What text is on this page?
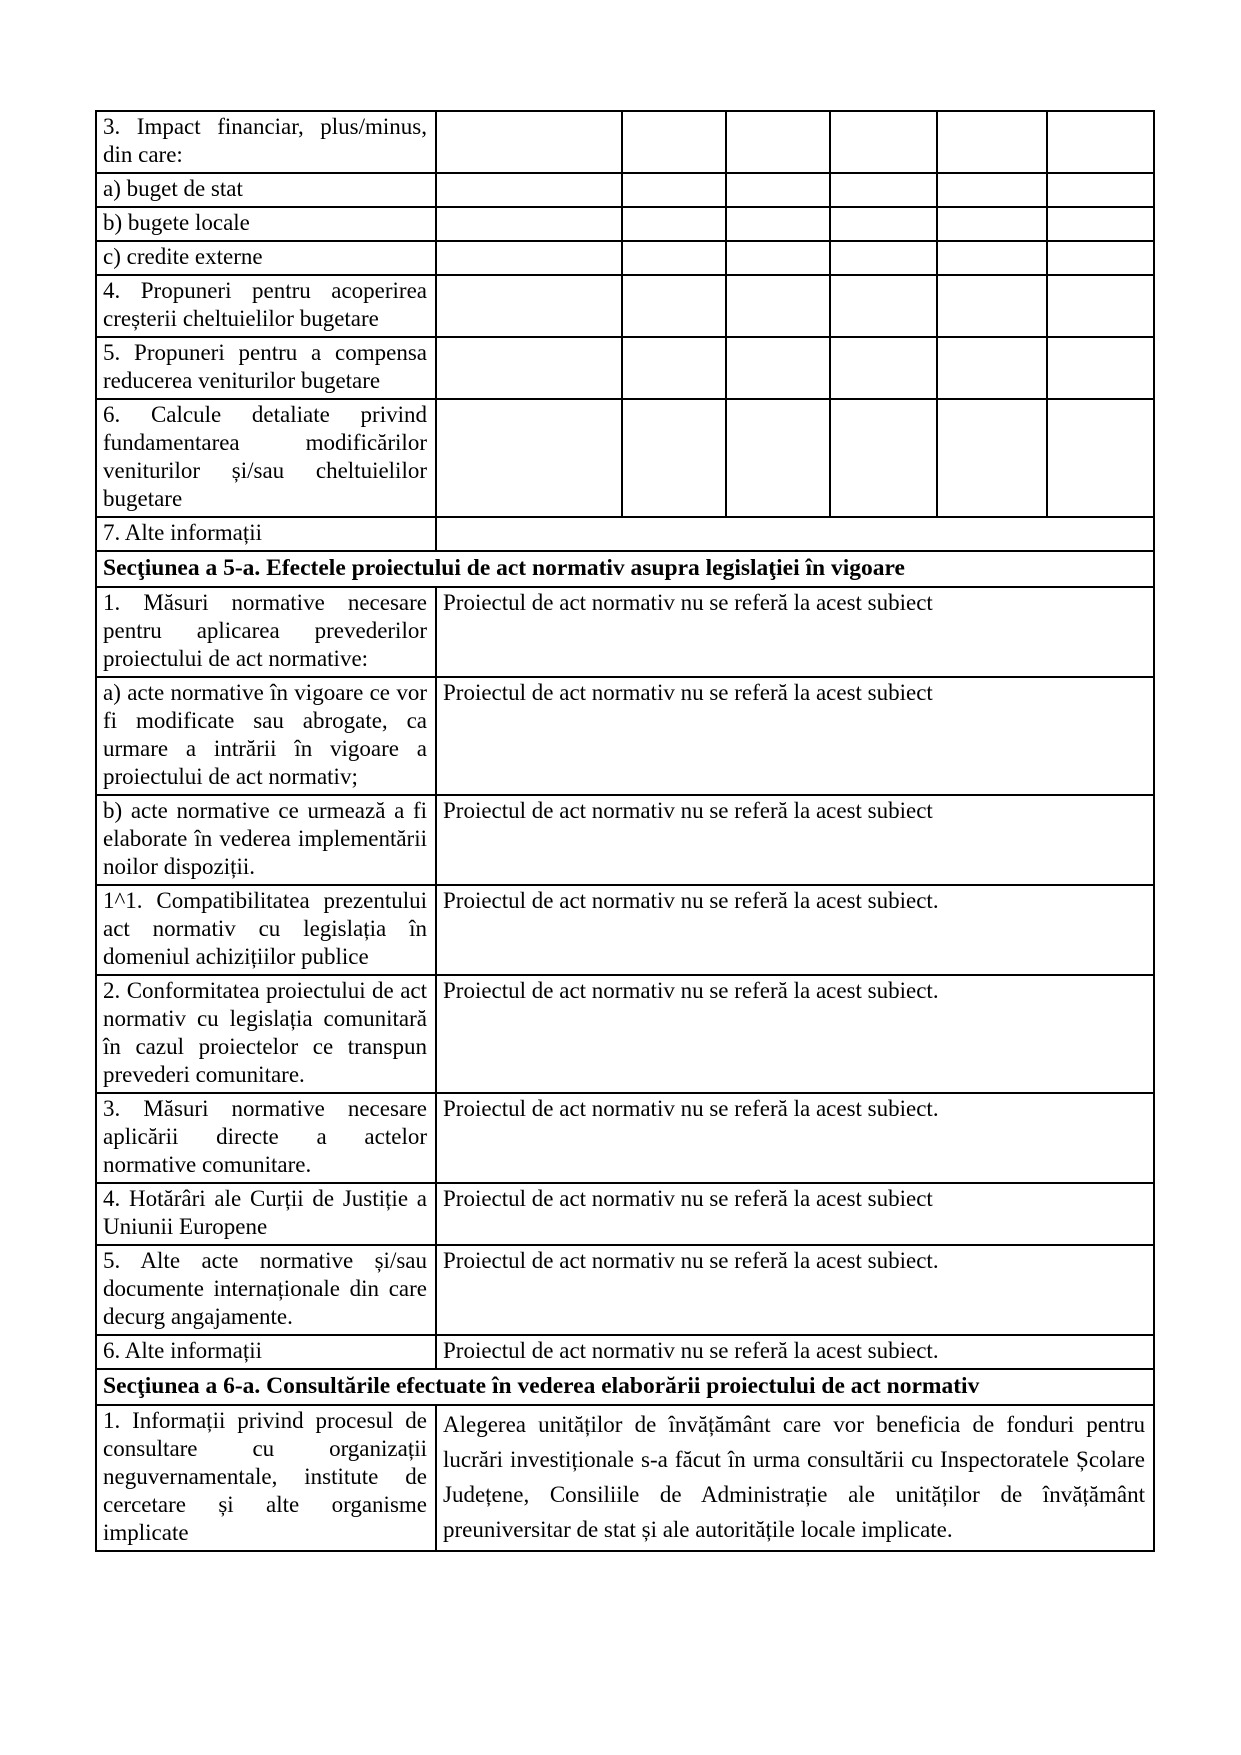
3. Impact financiar, plus/minus, din care:						
a) buget de stat						
b) bugete locale						
c) credite externe						
4. Propuneri pentru acoperirea creșterii cheltuielilor bugetare						
5. Propuneri pentru a compensa reducerea veniturilor bugetare						
6. Calcule detaliate privind fundamentarea modificărilor veniturilor și/sau cheltuielilor bugetare						
7. Alte informații						
Secţiunea a 5-a. Efectele proiectului de act normativ asupra legislaţiei în vigoare						
1. Măsuri normative necesare pentru aplicarea prevederilor proiectului de act normative:	Proiectul de act normativ nu se referă la acest subiect					
a) acte normative în vigoare ce vor fi modificate sau abrogate, ca urmare a intrării în vigoare a proiectului de act normativ;	Proiectul de act normativ nu se referă la acest subiect					
b) acte normative ce urmează a fi elaborate în vederea implementării noilor dispoziții.	Proiectul de act normativ nu se referă la acest subiect					
1^1. Compatibilitatea prezentului act normativ cu legislația în domeniul achizițiilor publice	Proiectul de act normativ nu se referă la acest subiect.					
2. Conformitatea proiectului de act normativ cu legislația comunitară în cazul proiectelor ce transpun prevederi comunitare.	Proiectul de act normativ nu se referă la acest subiect.					
3. Măsuri normative necesare aplicării directe a actelor normative comunitare.	Proiectul de act normativ nu se referă la acest subiect.					
4. Hotărâri ale Curții de Justiție a Uniunii Europene	Proiectul de act normativ nu se referă la acest subiect					
5. Alte acte normative și/sau documente internaționale din care decurg angajamente.	Proiectul de act normativ nu se referă la acest subiect.					
6. Alte informații	Proiectul de act normativ nu se referă la acest subiect.					
Secţiunea a 6-a. Consultările efectuate în vederea elaborării proiectului de act normativ						
1. Informații privind procesul de consultare cu organizații neguvernamentale, institute de cercetare și alte organisme implicate	Alegerea unităților de învățământ care vor beneficia de fonduri pentru lucrări investiționale s-a făcut în urma consultării cu Inspectoratele Școlare Județene, Consiliile de Administrație ale unităților de învățământ preuniversitar de stat și ale autoritățile locale implicate.					
